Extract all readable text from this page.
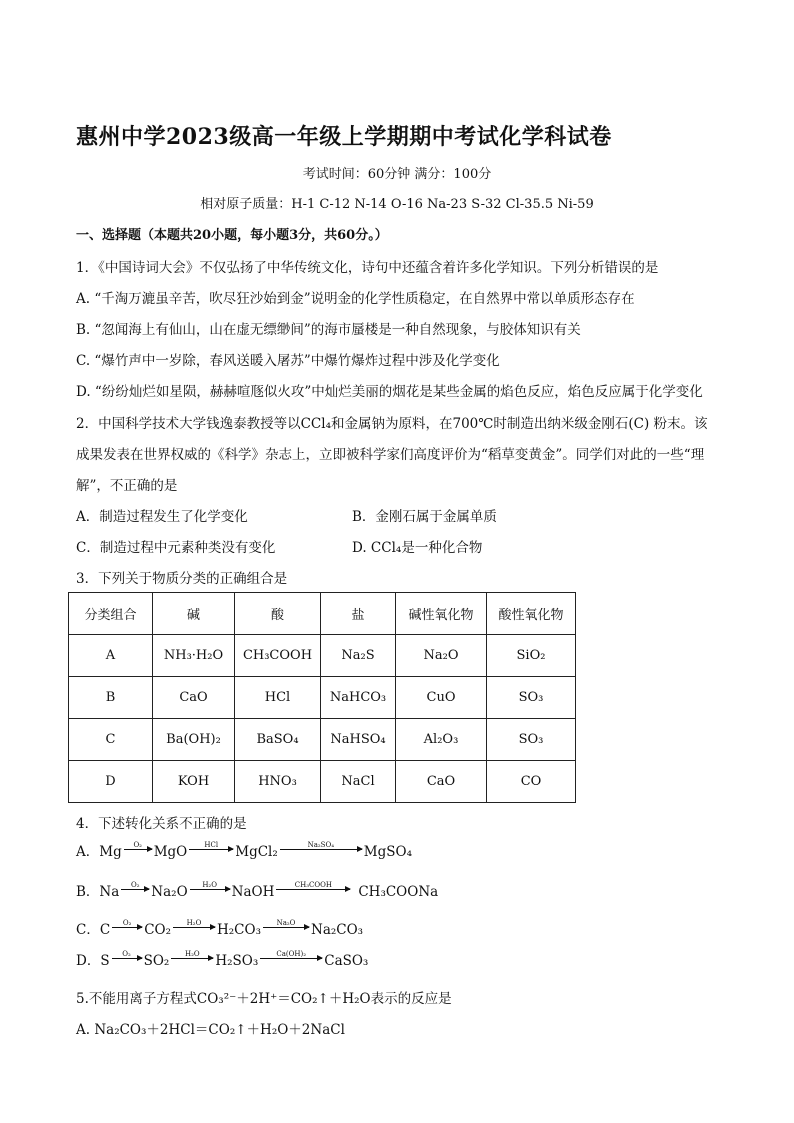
惠州中学2023级高一年级上学期期中考试化学科试卷
考试时间：60分钟 满分：100分
相对原子质量：H-1 C-12 N-14 O-16 Na-23 S-32 Cl-35.5 Ni-59
一、选择题（本题共20小题，每小题3分，共60分。）
1．《中国诗词大会》不仅弘扬了中华传统文化，诗句中还蕴含着许多化学知识。下列分析错误的是
A. “千淘万漉虽辛苦，吹尽狂沙始到金”说明金的化学性质稳定，在自然界中常以单质形态存在
B. “忽闻海上有仙山，山在虚无缥缈间”的海市蜃楼是一种自然现象，与胶体知识有关
C. “爆竹声中一岁除，春风送暖入屠苏”中爆竹爆炸过程中涉及化学变化
D. “纷纷灿烂如星陨，赫赫喧豗似火攻”中灿烂美丽的烟花是某些金属的焰色反应，焰色反应属于化学变化
2．中国科学技术大学钱逸泰教授等以CCl₄和金属钠为原料，在700℃时制造出纳米级金刚石(C) 粉末。该
成果发表在世界权威的《科学》杂志上，立即被科学家们高度评价为“稻草变黄金”。同学们对此的一些“理
解”，不正确的是
A．制造过程发生了化学变化	B．金刚石属于金属单质
C．制造过程中元素种类没有变化	D. CCl₄是一种化合物
3．下列关于物质分类的正确组合是
分类组合	碱	酸	盐	碱性氧化物	酸性氧化物
A	NH₃·H₂O	CH₃COOH	Na₂S	Na₂O	SiO₂
B	CaO	HCl	NaHCO₃	CuO	SO₃
C	Ba(OH)₂	BaSO₄	NaHSO₄	Al₂O₃	SO₃
D	KOH	HNO₃	NaCl	CaO	CO
4．下述转化关系不正确的是
A． Mg O₂ MgO HCl MgCl₂	Na₂SO₄ MgSO₄
B． Na O₂ Na₂O H₂O NaOH	CH₃COOH CH₃COONa
C． C O₂ CO₂ H₂O H₂CO₃ Na₂O Na₂CO₃
D． S O₂ SO₂ H₂O H₂SO₃	Ca(OH)₂ CaSO₃
5.不能用离子方程式CO₃²⁻＋2H⁺＝CO₂↑＋H₂O表示的反应是
A. Na₂CO₃＋2HCl＝CO₂↑＋H₂O＋2NaCl
